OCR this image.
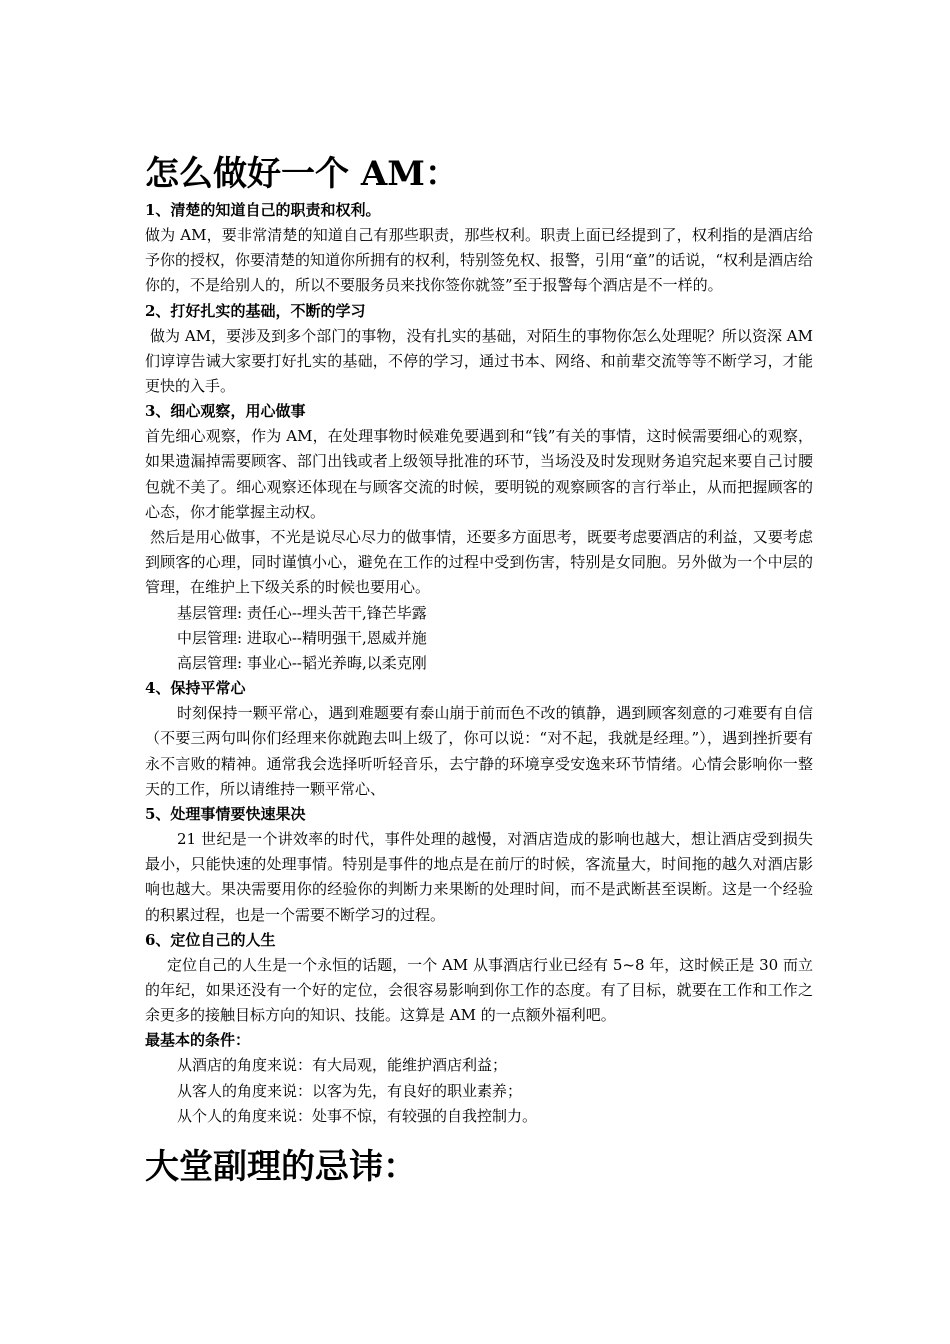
怎么做好一个 AM：

1、清楚的知道自己的职责和权利。

做为 AM，要非常清楚的知道自己有那些职责，那些权利。职责上面已经提到了，权利指的是酒店给予你的授权，你要清楚的知道你所拥有的权利，特别签免权、报警，引用“童”的话说，“权利是酒店给你的，不是给别人的，所以不要服务员来找你签你就签”至于报警每个酒店是不一样的。

2、打好扎实的基础，不断的学习

做为 AM，要涉及到多个部门的事物，没有扎实的基础，对陌生的事物你怎么处理呢？所以资深 AM 们谆谆告诫大家要打好扎实的基础，不停的学习，通过书本、网络、和前辈交流等等不断学习，才能更快的入手。

3、细心观察，用心做事

首先细心观察，作为 AM，在处理事物时候难免要遇到和“钱”有关的事情，这时候需要细心的观察，如果遗漏掉需要顾客、部门出钱或者上级领导批准的环节，当场没及时发现财务追究起来要自己讨腰包就不美了。细心观察还体现在与顾客交流的时候，要明锐的观察顾客的言行举止，从而把握顾客的心态，你才能掌握主动权。

然后是用心做事，不光是说尽心尽力的做事情，还要多方面思考，既要考虑要酒店的利益，又要考虑到顾客的心理，同时谨慎小心，避免在工作的过程中受到伤害，特别是女同胞。另外做为一个中层的管理，在维护上下级关系的时候也要用心。

基层管理: 责任心--埋头苦干,锋芒毕露

中层管理: 进取心--精明强干,恩威并施

高层管理: 事业心--韬光养晦,以柔克刚

4、保持平常心

时刻保持一颗平常心，遇到难题要有泰山崩于前而色不改的镇静，遇到顾客刻意的刁难要有自信（不要三两句叫你们经理来你就跑去叫上级了，你可以说：“对不起，我就是经理。”），遇到挫折要有永不言败的精神。通常我会选择听听轻音乐，去宁静的环境享受安逸来环节情绪。心情会影响你一整天的工作，所以请维持一颗平常心、

5、处理事情要快速果决

21 世纪是一个讲效率的时代，事件处理的越慢，对酒店造成的影响也越大，想让酒店受到损失最小，只能快速的处理事情。特别是事件的地点是在前厅的时候，客流量大，时间拖的越久对酒店影响也越大。果决需要用你的经验你的判断力来果断的处理时间，而不是武断甚至误断。这是一个经验的积累过程，也是一个需要不断学习的过程。

6、定位自己的人生

定位自己的人生是一个永恒的话题，一个 AM 从事酒店行业已经有 5~8 年，这时候正是 30 而立的年纪，如果还没有一个好的定位，会很容易影响到你工作的态度。有了目标，就要在工作和工作之余更多的接触目标方向的知识、技能。这算是 AM 的一点额外福利吧。

最基本的条件：

从酒店的角度来说：有大局观，能维护酒店利益；

从客人的角度来说：以客为先，有良好的职业素养；

从个人的角度来说：处事不惊，有较强的自我控制力。

大堂副理的忌讳：
